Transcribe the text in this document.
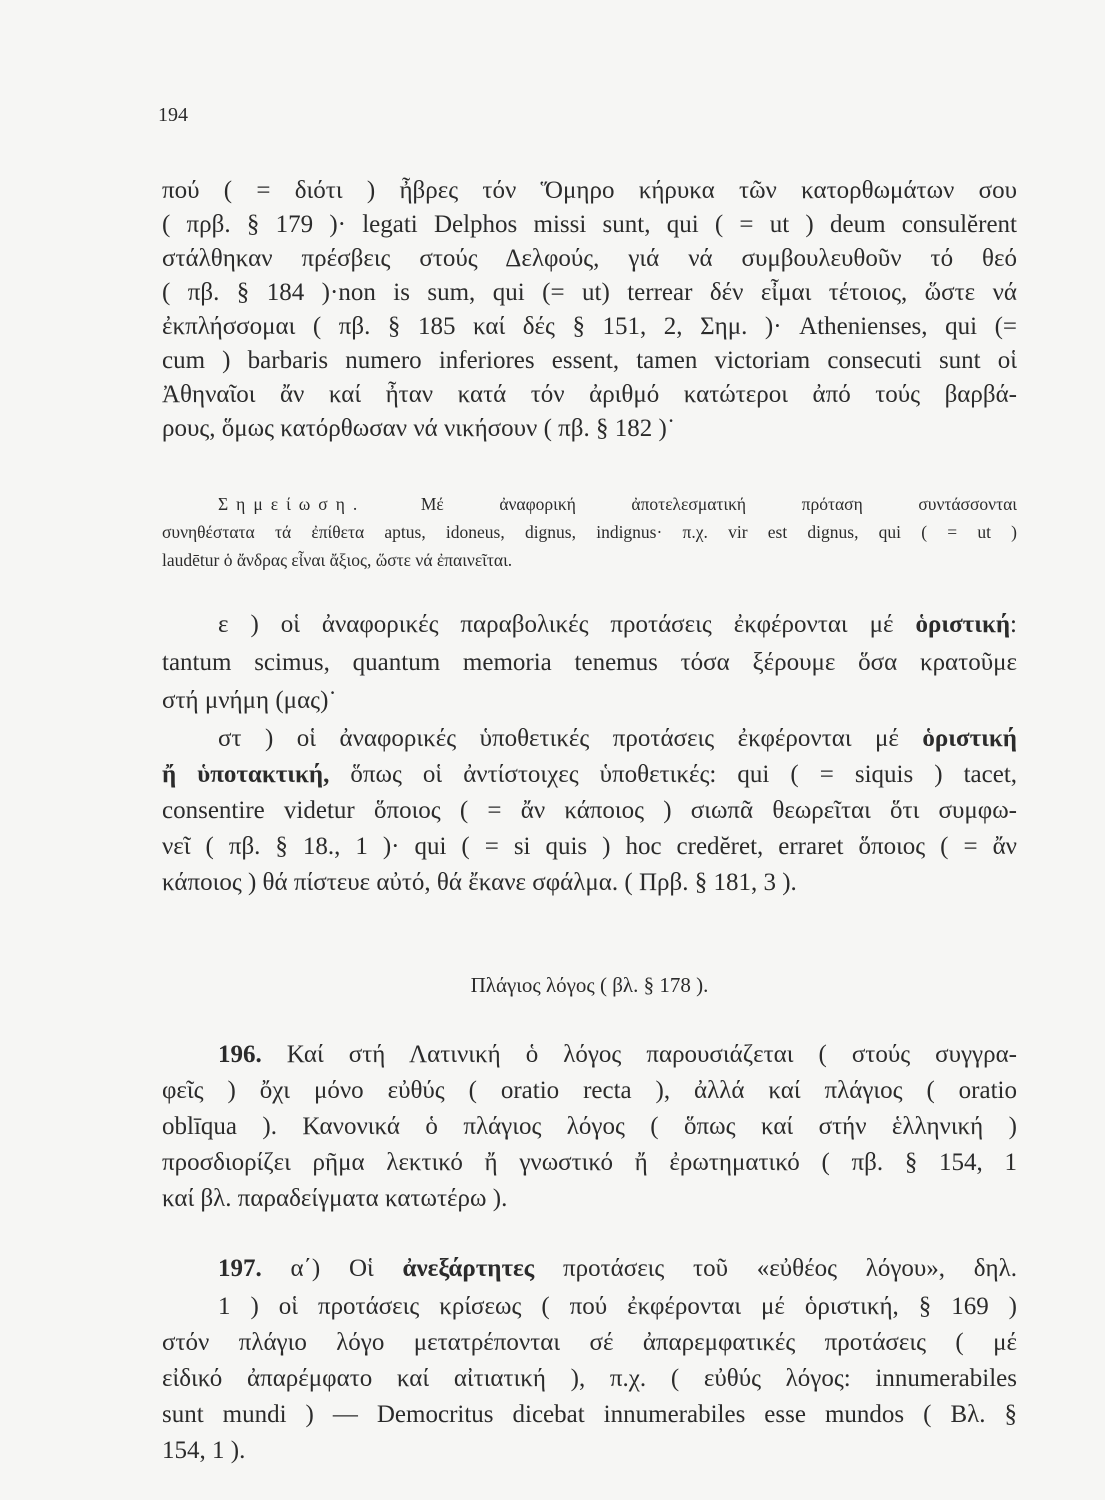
194
πού ( = διότι ) ἦβρες τόν Ὅμηρο κήρυκα τῶν κατορθωμάτων σου
( πρβ. § 179 )· legati Delphos missi sunt, qui ( = ut ) deum consulĕrent
στάλθηκαν πρέσβεις στούς Δελφούς, γιά νά συμβουλευθοῦν τό θεό
( πβ. § 184 )·non is sum, qui (= ut) terrear δέν εἶμαι τέτοιος, ὥστε νά
ἐκπλήσσομαι ( πβ. § 185 καί δές § 151, 2, Σημ. )· Athenienses, qui (=
cum ) barbaris numero inferiores essent, tamen victoriam consecuti sunt οἱ
Ἀθηναῖοι ἄν καί ἦταν κατά τόν ἀριθμό κατώτεροι ἀπό τούς βαρβά-
ρους, ὅμως κατόρθωσαν νά νικήσουν ( πβ. § 182 )˙
Σημείωση.	Μέ ἀναφορική ἀποτελεσματική πρόταση συντάσσονται
συνηθέστατα τά ἐπίθετα aptus, idoneus, dignus, indignus· π.χ. vir est dignus, qui ( = ut )
laudētur ὁ ἄνδρας εἶναι ἄξιος, ὥστε νά ἐπαινεῖται.
ε ) οἱ ἀναφορικές παραβολικές προτάσεις ἐκφέρονται μέ ὁριστική:
tantum scimus, quantum memoria tenemus τόσα ξέρουμε ὅσα κρατοῦμε
στή μνήμη (μας)˙
στ ) οἱ ἀναφορικές ὑποθετικές προτάσεις ἐκφέρονται μέ ὁριστική
ἤ ὑποτακτική, ὅπως οἱ ἀντίστοιχες ὑποθετικές: qui ( = siquis ) tacet,
consentire videtur ὅποιος ( = ἄν κάποιος ) σιωπᾶ θεωρεῖται ὅτι συμφω-
νεῖ ( πβ. § 18., 1 )· qui ( = si quis ) hoc credĕret, erraret ὅποιος ( = ἄν
κάποιος ) θά πίστευε αὐτό, θά ἔκανε σφάλμα. ( Πρβ. § 181, 3 ).
Πλάγιος λόγος ( βλ. § 178 ).
196. Καί στή Λατινική ὁ λόγος παρουσιάζεται ( στούς συγγρα-
φεῖς ) ὄχι μόνο εὐθύς ( oratio recta ), ἀλλά καί πλάγιος ( oratio
oblīqua ). Κανονικά ὁ πλάγιος λόγος ( ὅπως καί στήν ἑλληνική )
προσδιορίζει ρῆμα λεκτικό ἤ γνωστικό ἤ ἐρωτηματικό ( πβ. § 154, 1
καί βλ. παραδείγματα κατωτέρω ).
197. α΄) Οἱ ἀνεξάρτητες προτάσεις τοῦ «εὐθέος λόγου», δηλ.
1 ) οἱ προτάσεις κρίσεως ( πού ἐκφέρονται μέ ὁριστική, § 169 )
στόν πλάγιο λόγο μετατρέπονται σέ ἀπαρεμφατικές προτάσεις ( μέ
εἰδικό ἀπαρέμφατο καί αἰτιατική ), π.χ. ( εὐθύς λόγος: innumerabiles
sunt mundi ) — Democritus dicebat innumerabiles esse mundos ( Βλ. §
154, 1 ).
